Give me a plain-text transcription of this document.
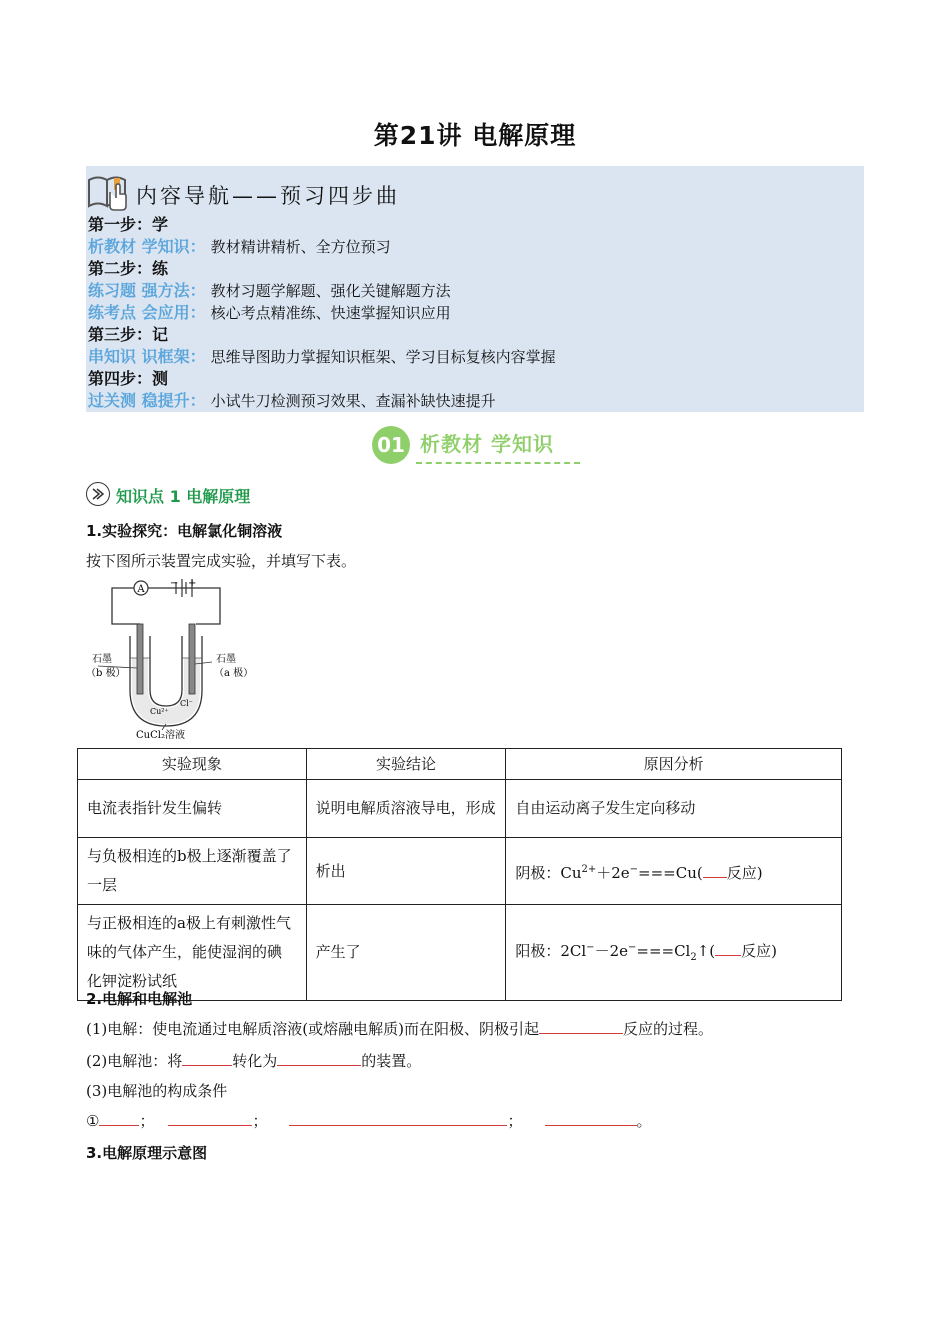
第21讲 电解原理
内容导航——预习四步曲
第一步：学
析教材 学知识： 教材精讲精析、全方位预习
第二步：练
练习题 强方法： 教材习题学解题、强化关键解题方法
练考点 会应用： 核心考点精准练、快速掌握知识应用
第三步：记
串知识 识框架： 思维导图助力掌握知识框架、学习目标复核内容掌握
第四步：测
过关测 稳提升： 小试牛刀检测预习效果、查漏补缺快速提升
01 析教材 学知识
知识点 1 电解原理
1.实验探究：电解氯化铜溶液
按下图所示装置完成实验，并填写下表。
A
− +
石墨
（b 极）
石墨
（a 极）
Cu²⁺
Cl⁻
CuCl₂溶液
实验现象	实验结论	原因分析
电流表指针发生偏转	说明电解质溶液导电，形成	自由运动离子发生定向移动
与负极相连的b极上逐渐覆盖了一层	析出	阴极：$Cu^{2+}+2e^-===Cu$( 反应)
与正极相连的a极上有刺激性气味的气体产生，能使湿润的碘化钾淀粉试纸	产生了	阳极：$2Cl^--2e^-===Cl_2↑$( 反应)
2.电解和电解池
(1)电解：使电流通过电解质溶液(或熔融电解质)而在阳极、阴极引起	反应的过程。
(2)电解池：将	转化为	的装置。
(3)电解池的构成条件
①	；	；	；	。
3.电解原理示意图
